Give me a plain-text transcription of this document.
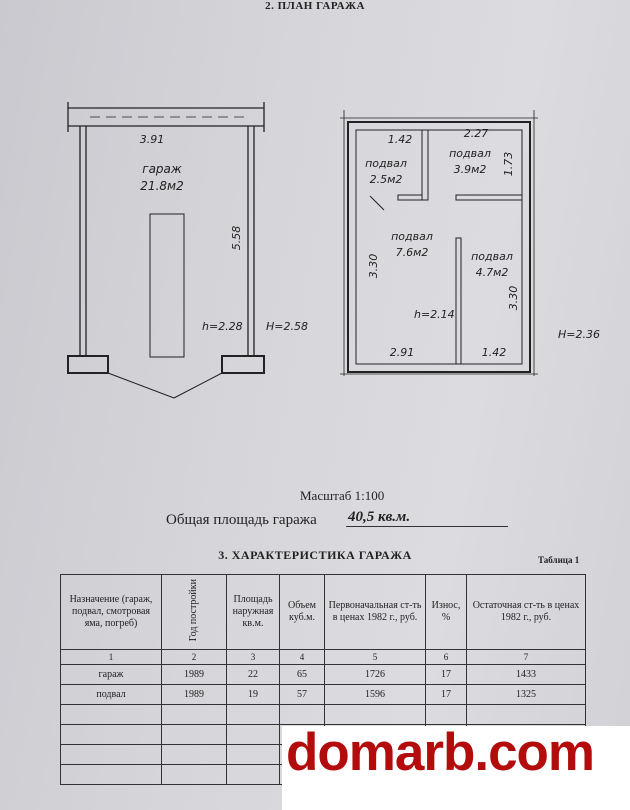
2. ПЛАН ГАРАЖА
3.91
гараж
21.8м2
5.58
h=2.28 H=2.58
1.42	2.27
1.73
3.30
3.30
2.91	1.42
подвал
2.5м2
подвал
3.9м2
подвал
7.6м2	подвал
4.7м2
h=2.14
H=2.36
Масштаб 1:100
Общая площадь гаража 40,5 кв.м.
3. ХАРАКТЕРИСТИКА ГАРАЖА	Таблица 1
Назначение (гараж, подвал, смотровая яма, погреб)	Год постройки	Площадь наружная кв.м.	Объем куб.м.	Первоначальная ст-ть в ценах 1982 г., руб.	Износ, %	Остаточная ст-ть в ценах 1982 г., руб.
1	2	3	4	5	6	7
гараж	1989	22	65	1726	17	1433
подвал	1989	19	57	1596	17	1325

domarb.com
